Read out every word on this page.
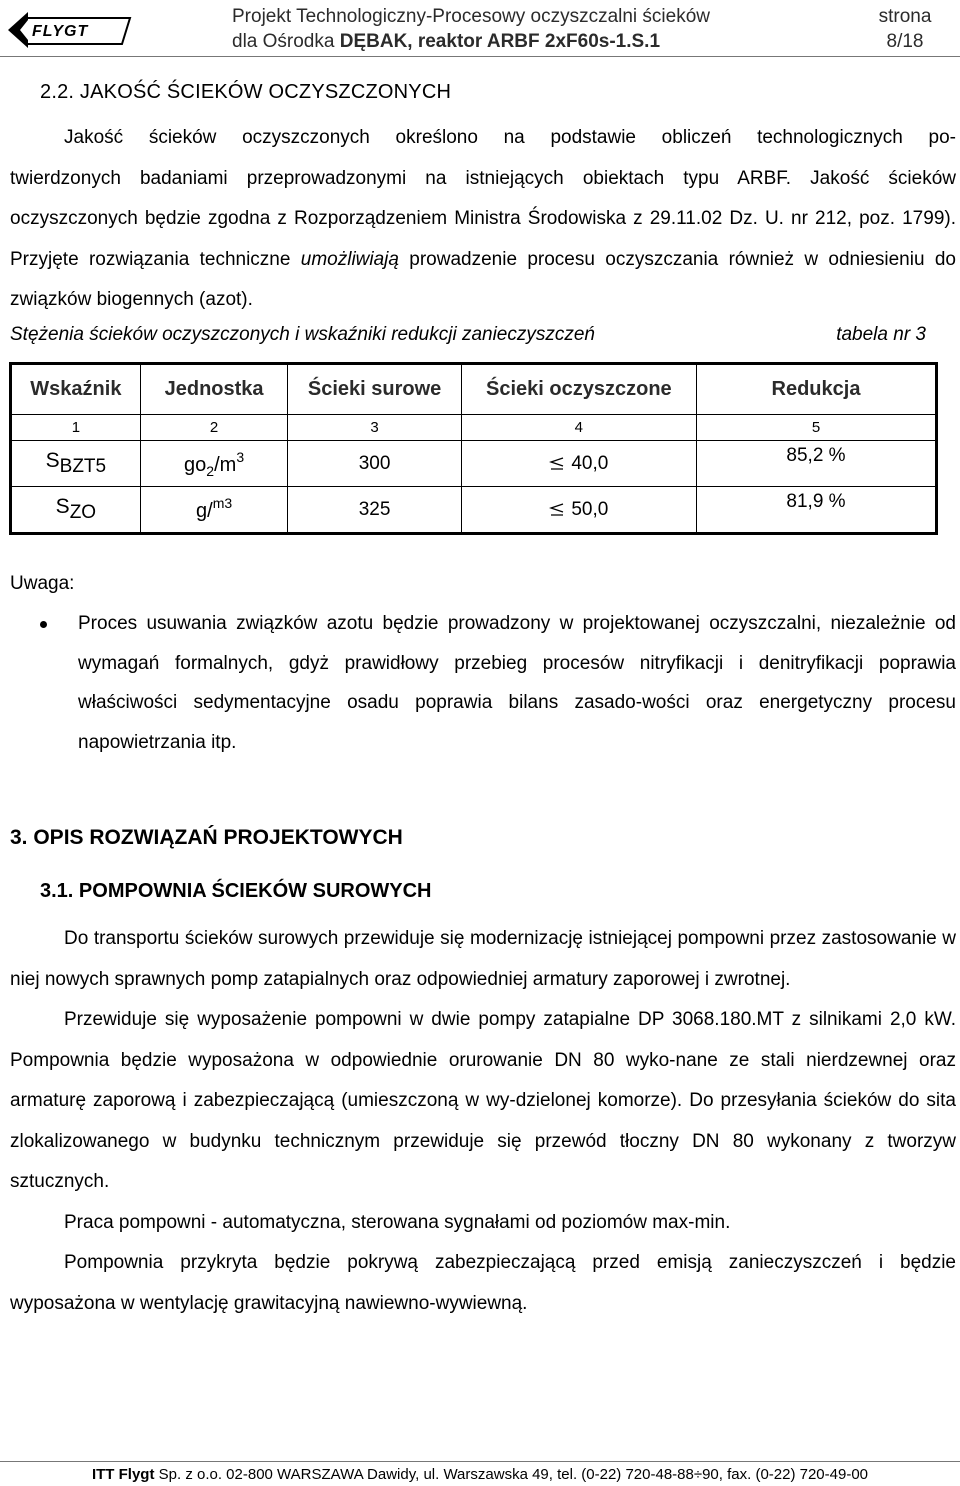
FLYGT
Projekt Technologiczny-Procesowy oczyszczalni ścieków
dla Ośrodka DĘBAK, reaktor ARBF 2xF60s-1.S.1
strona
8/18
2.2. JAKOŚĆ ŚCIEKÓW OCZYSZCZONYCH
Jakość ścieków oczyszczonych określono na podstawie obliczeń technologicznych po-
twierdzonych badaniami przeprowadzonymi na istniejących obiektach typu ARBF. Jakość ścieków oczyszczonych będzie zgodna z Rozporządzeniem Ministra Środowiska z 29.11.02 Dz. U. nr 212, poz. 1799). Przyjęte rozwiązania techniczne umożliwiają prowadzenie procesu oczyszczania również w odniesieniu do związków biogennych (azot).
Stężenia ścieków oczyszczonych i wskaźniki redukcji zanieczyszczeń	tabela nr 3
Wskaźnik	Jednostka	Ścieki surowe	Ścieki oczyszczone	Redukcja
1	2	3	4	5
SBZT5	$go_2/m^3$	300	40,0	85,2 %
SZO	g/$^{m3}$	325	50,0	81,9 %
Uwaga:
Proces usuwania związków azotu będzie prowadzony w projektowanej oczyszczalni, niezależnie od wymagań formalnych, gdyż prawidłowy przebieg procesów nitryfikacji i denitryfikacji poprawia właściwości sedymentacyjne osadu poprawia bilans zasado-wości oraz energetyczny procesu napowietrzania itp.
3. OPIS ROZWIĄZAŃ PROJEKTOWYCH
3.1. POMPOWNIA ŚCIEKÓW SUROWYCH
Do transportu ścieków surowych przewiduje się modernizację istniejącej pompowni przez zastosowanie w niej nowych sprawnych pomp zatapialnych oraz odpowiedniej armatury zaporowej i zwrotnej.
Przewiduje się wyposażenie pompowni w dwie pompy zatapialne DP 3068.180.MT z silnikami 2,0 kW. Pompownia będzie wyposażona w odpowiednie orurowanie DN 80 wyko-nane ze stali nierdzewnej oraz armaturę zaporową i zabezpieczającą (umieszczoną w wy-dzielonej komorze). Do przesyłania ścieków do sita zlokalizowanego w budynku technicznym przewiduje się przewód tłoczny DN 80 wykonany z tworzyw sztucznych.
Praca pompowni - automatyczna, sterowana sygnałami od poziomów max-min.
Pompownia przykryta będzie pokrywą zabezpieczającą przed emisją zanieczyszczeń i będzie wyposażona w wentylację grawitacyjną nawiewno-wywiewną.
ITT Flygt Sp. z o.o. 02-800 WARSZAWA Dawidy, ul. Warszawska 49, tel. (0-22) 720-48-88÷90, fax. (0-22) 720-49-00
